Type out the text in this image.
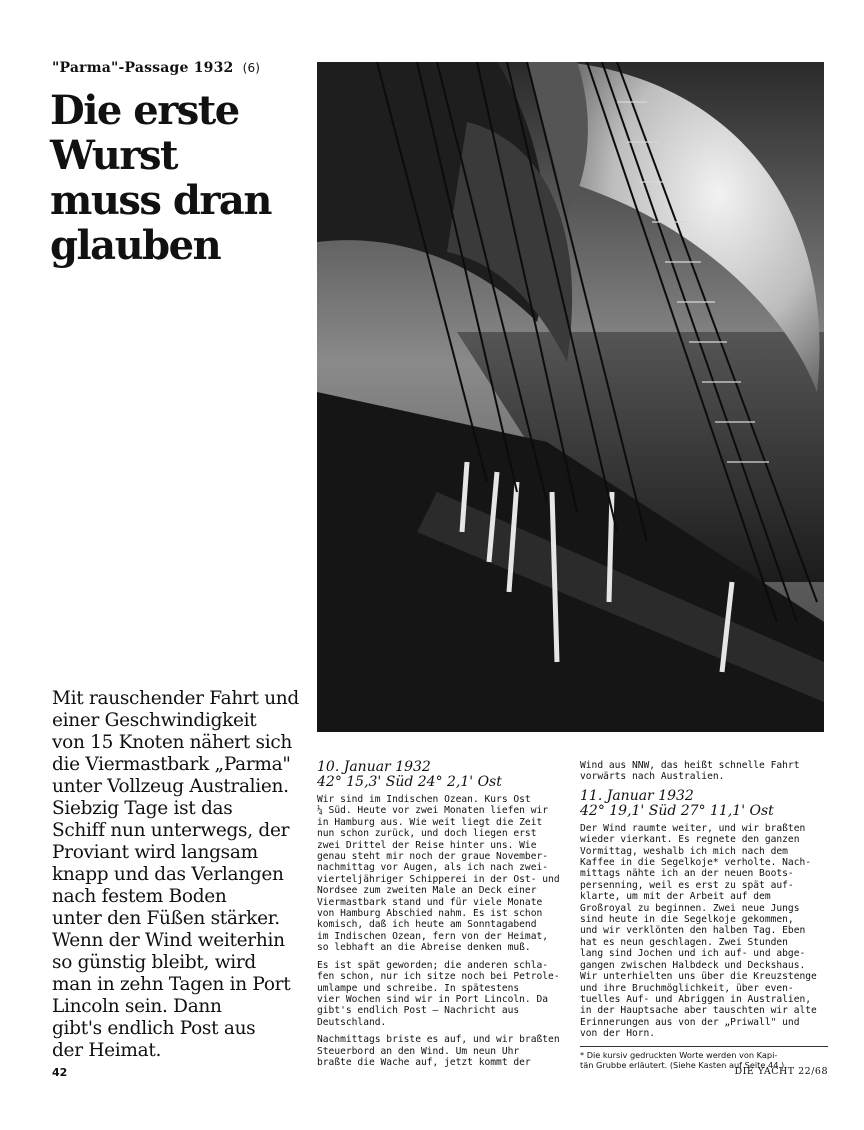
"Parma"-Passage 1932 (6)
Die erste
Wurst
muss dran
glauben
Mit rauschender Fahrt und
einer Geschwindigkeit
von 15 Knoten nähert sich
die Viermastbark „Parma"
unter Vollzeug Australien.
Siebzig Tage ist das
Schiff nun unterwegs, der
Proviant wird langsam
knapp und das Verlangen
nach festem Boden
unter den Füßen stärker.
Wenn der Wind weiterhin
so günstig bleibt, wird
man in zehn Tagen in Port
Lincoln sein. Dann
gibt's endlich Post aus
der Heimat.
10. Januar 1932
42° 15,3' Süd 24° 2,1' Ost

Wir sind im Indischen Ozean. Kurs Ost
¼ Süd. Heute vor zwei Monaten liefen wir
in Hamburg aus. Wie weit liegt die Zeit
nun schon zurück, und doch liegen erst
zwei Drittel der Reise hinter uns. Wie
genau steht mir noch der graue November-
nachmittag vor Augen, als ich nach zwei-
vierteljähriger Schipperei in der Ost- und
Nordsee zum zweiten Male an Deck einer
Viermastbark stand und für viele Monate
von Hamburg Abschied nahm. Es ist schon
komisch, daß ich heute am Sonntagabend
im Indischen Ozean, fern von der Heimat,
so lebhaft an die Abreise denken muß.

Es ist spät geworden; die anderen schla-
fen schon, nur ich sitze noch bei Petrole-
umlampe und schreibe. In spätestens
vier Wochen sind wir in Port Lincoln. Da
gibt's endlich Post — Nachricht aus
Deutschland.

Nachmittags briste es auf, und wir braßten
Steuerbord an den Wind. Um neun Uhr
braßte die Wache auf, jetzt kommt der

Wind aus NNW, das heißt schnelle Fahrt
vorwärts nach Australien.

11. Januar 1932
42° 19,1' Süd 27° 11,1' Ost

Der Wind raumte weiter, und wir braßten
wieder vierkant. Es regnete den ganzen
Vormittag, weshalb ich mich nach dem
Kaffee in die Segelkoje* verholte. Nach-
mittags nähte ich an der neuen Boots-
persenning, weil es erst zu spät auf-
klarte, um mit der Arbeit auf dem
Großroyal zu beginnen. Zwei neue Jungs
sind heute in die Segelkoje gekommen,
und wir verklönten den halben Tag. Eben
hat es neun geschlagen. Zwei Stunden
lang sind Jochen und ich auf- und abge-
gangen zwischen Halbdeck und Deckshaus.
Wir unterhielten uns über die Kreuzstenge
und ihre Bruchmöglichkeit, über even-
tuelles Auf- und Abriggen in Australien,
in der Hauptsache aber tauschten wir alte
Erinnerungen aus von der „Priwall" und
von der Horn.

* Die kursiv gedruckten Worte werden von Kapi-
tän Grubbe erläutert. (Siehe Kasten auf Seite 44.)
42	DIE YACHT 22/68
